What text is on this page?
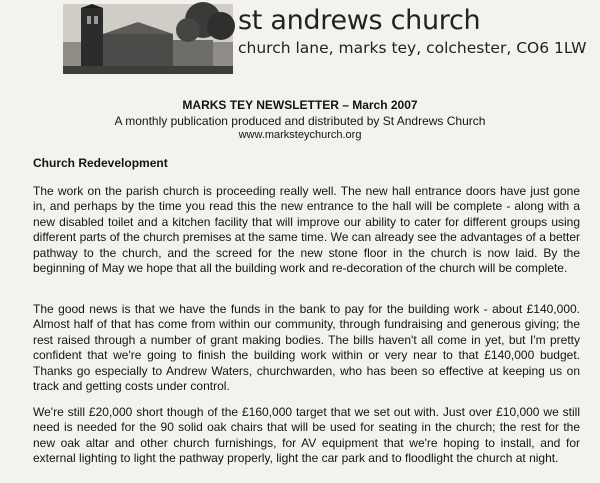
love t
st andrews church
church lane, marks tey, colchester, CO6 1LW
MARKS TEY NEWSLETTER – March 2007
A monthly publication produced and distributed by St Andrews Church
www.marksteychurch.org
Church Redevelopment
The work on the parish church is proceeding really well. The new hall entrance doors have just gone in, and perhaps by the time you read this the new entrance to the hall will be complete - along with a new disabled toilet and a kitchen facility that will improve our ability to cater for different groups using different parts of the church premises at the same time. We can already see the advantages of a better pathway to the church, and the screed for the new stone floor in the church is now laid. By the beginning of May we hope that all the building work and re-decoration of the church will be complete.
The good news is that we have the funds in the bank to pay for the building work - about £140,000. Almost half of that has come from within our community, through fundraising and generous giving; the rest raised through a number of grant making bodies. The bills haven't all come in yet, but I'm pretty confident that we're going to finish the building work within or very near to that £140,000 budget. Thanks go especially to Andrew Waters, churchwarden, who has been so effective at keeping us on track and getting costs under control.
We're still £20,000 short though of the £160,000 target that we set out with. Just over £10,000 we still need is needed for the 90 solid oak chairs that will be used for seating in the church; the rest for the new oak altar and other church furnishings, for AV equipment that we're hoping to install, and for external lighting to light the pathway properly, light the car park and to floodlight the church at night.
